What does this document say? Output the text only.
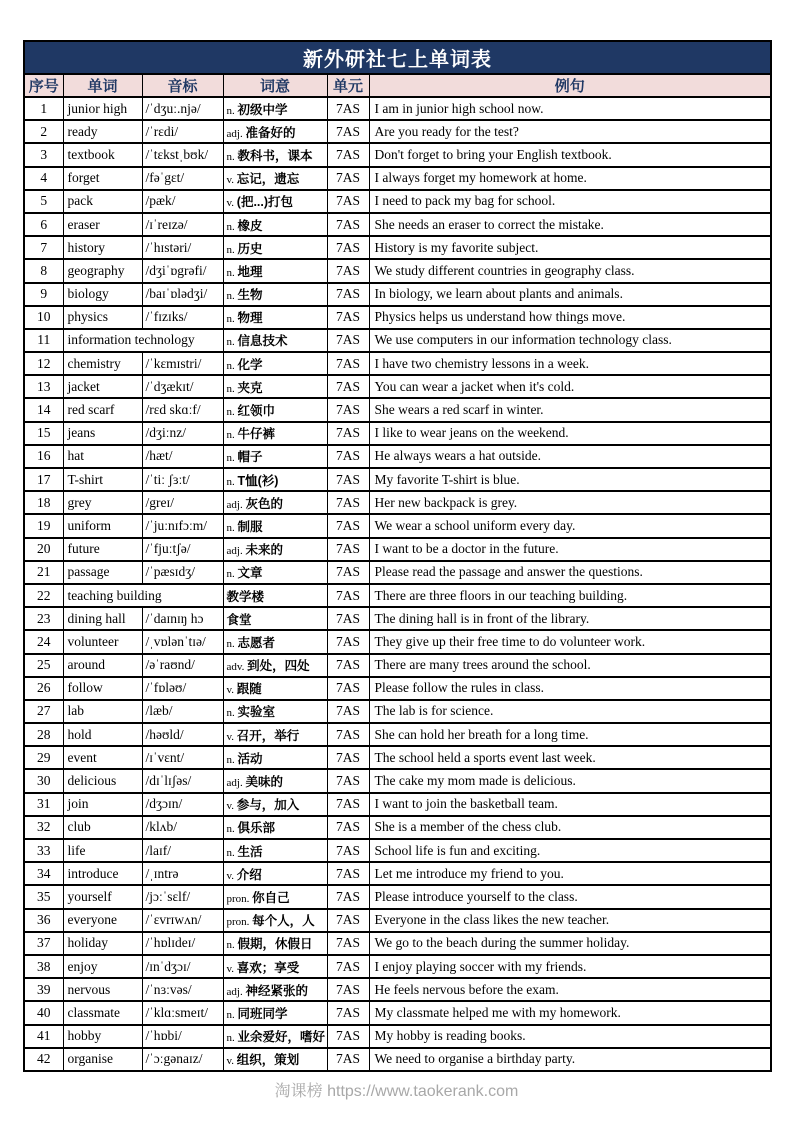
新外研社七上单词表					
序号	单词	音标	词意	单元	例句
1	junior high	/ˈdʒuː.njə/	n. 初级中学	7AS	I am in junior high school now.
2	ready	/ˈrɛdi/	adj. 准备好的	7AS	Are you ready for the test?
3	textbook	/ˈtɛkstˌbʊk/	n. 教科书，课本	7AS	Don't forget to bring your English textbook.
4	forget	/fəˈgɛt/	v. 忘记，遗忘	7AS	I always forget my homework at home.
5	pack	/pæk/	v. (把...)打包	7AS	I need to pack my bag for school.
6	eraser	/ɪˈreɪzə/	n. 橡皮	7AS	She needs an eraser to correct the mistake.
7	history	/ˈhɪstəri/	n. 历史	7AS	History is my favorite subject.
8	geography	/dʒiˈɒgrəfi/	n. 地理	7AS	We study different countries in geography class.
9	biology	/baɪˈɒlədʒi/	n. 生物	7AS	In biology, we learn about plants and animals.
10	physics	/ˈfɪzɪks/	n. 物理	7AS	Physics helps us understand how things move.
11	information technology		n. 信息技术	7AS	We use computers in our information technology class.
12	chemistry	/ˈkɛmɪstri/	n. 化学	7AS	I have two chemistry lessons in a week.
13	jacket	/ˈdʒækɪt/	n. 夹克	7AS	You can wear a jacket when it's cold.
14	red scarf	/rɛd skɑːf/	n. 红领巾	7AS	She wears a red scarf in winter.
15	jeans	/dʒiːnz/	n. 牛仔裤	7AS	I like to wear jeans on the weekend.
16	hat	/hæt/	n. 帽子	7AS	He always wears a hat outside.
17	T-shirt	/ˈtiː ʃɜːt/	n. T恤(衫)	7AS	My favorite T-shirt is blue.
18	grey	/greɪ/	adj. 灰色的	7AS	Her new backpack is grey.
19	uniform	/ˈjuːnɪfɔːm/	n. 制服	7AS	We wear a school uniform every day.
20	future	/ˈfjuːtʃə/	adj. 未来的	7AS	I want to be a doctor in the future.
21	passage	/ˈpæsɪdʒ/	n. 文章	7AS	Please read the passage and answer the questions.
22	teaching building		教学楼	7AS	There are three floors in our teaching building.
23	dining hall	/ˈdaɪnɪŋ hɔ	食堂	7AS	The dining hall is in front of the library.
24	volunteer	/ˌvɒlənˈtɪə/	n. 志愿者	7AS	They give up their free time to do volunteer work.
25	around	/əˈraʊnd/	adv. 到处，四处	7AS	There are many trees around the school.
26	follow	/ˈfɒləʊ/	v. 跟随	7AS	Please follow the rules in class.
27	lab	/læb/	n. 实验室	7AS	The lab is for science.
28	hold	/həʊld/	v. 召开，举行	7AS	She can hold her breath for a long time.
29	event	/ɪˈvɛnt/	n. 活动	7AS	The school held a sports event last week.
30	delicious	/dɪˈlɪʃəs/	adj. 美味的	7AS	The cake my mom made is delicious.
31	join	/dʒɔɪn/	v. 参与，加入	7AS	I want to join the basketball team.
32	club	/klʌb/	n. 俱乐部	7AS	She is a member of the chess club.
33	life	/laɪf/	n. 生活	7AS	School life is fun and exciting.
34	introduce	/ˌɪntrə	v. 介绍	7AS	Let me introduce my friend to you.
35	yourself	/jɔːˈsɛlf/	pron. 你自己	7AS	Please introduce yourself to the class.
36	everyone	/ˈɛvrɪwʌn/	pron. 每个人，人	7AS	Everyone in the class likes the new teacher.
37	holiday	/ˈhɒlɪdeɪ/	n. 假期，休假日	7AS	We go to the beach during the summer holiday.
38	enjoy	/ɪnˈdʒɔɪ/	v. 喜欢；享受	7AS	I enjoy playing soccer with my friends.
39	nervous	/ˈnɜːvəs/	adj. 神经紧张的	7AS	He feels nervous before the exam.
40	classmate	/ˈklɑːsmeɪt/	n. 同班同学	7AS	My classmate helped me with my homework.
41	hobby	/ˈhɒbi/	n. 业余爱好，嗜好	7AS	My hobby is reading books.
42	organise	/ˈɔːgənaɪz/	v. 组织，策划	7AS	We need to organise a birthday party.
淘课榜 https://www.taokerank.com
